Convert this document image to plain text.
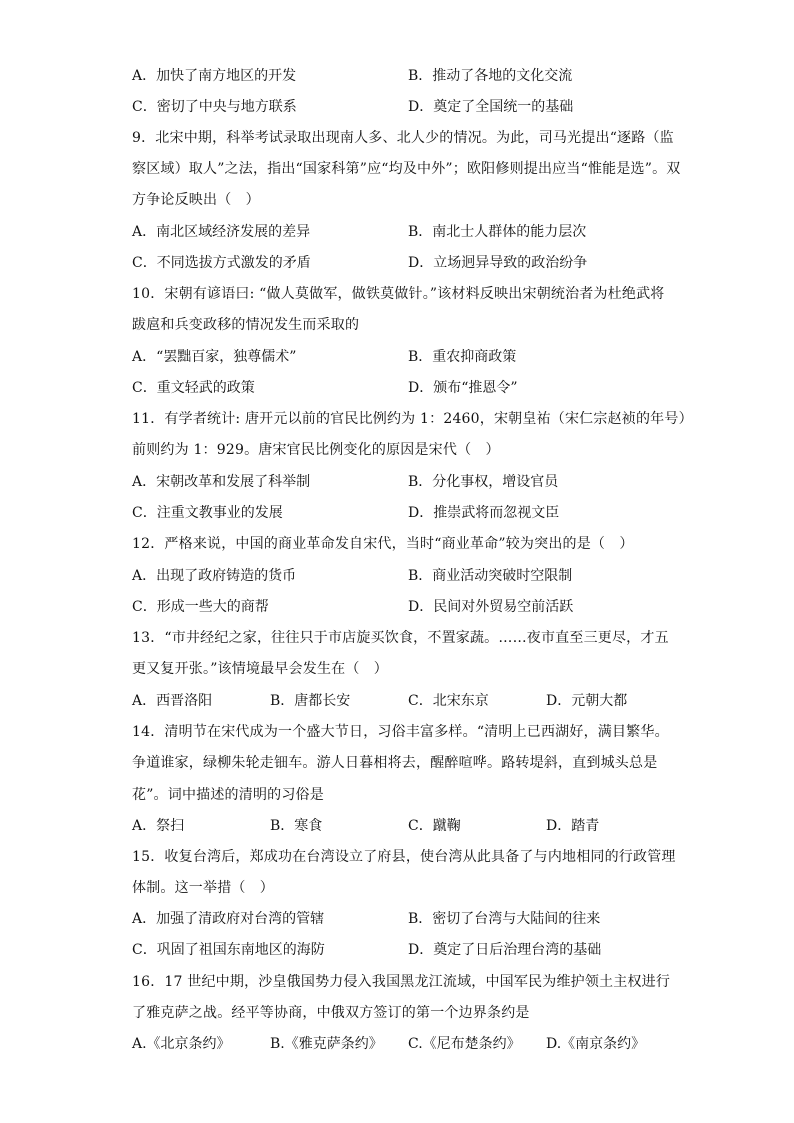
A．加快了南方地区的开发	B．推动了各地的文化交流
C．密切了中央与地方联系	D．奠定了全国统一的基础
9．北宋中期，科举考试录取出现南人多、北人少的情况。为此，司马光提出“逐路（监
察区域）取人”之法，指出“国家科第”应“均及中外”；欧阳修则提出应当“惟能是选”。双
方争论反映出（　）
A．南北区域经济发展的差异	B．南北士人群体的能力层次
C．不同选拔方式激发的矛盾	D．立场迥异导致的政治纷争
10．宋朝有谚语曰: “做人莫做军，做铁莫做针。”该材料反映出宋朝统治者为杜绝武将
跋扈和兵变政移的情况发生而采取的
A．“罢黜百家，独尊儒术”	B．重农抑商政策
C．重文轻武的政策	D．颁布“推恩令”
11．有学者统计: 唐开元以前的官民比例约为 1：2460，宋朝皇祐（宋仁宗赵祯的年号）
前则约为 1：929。唐宋官民比例变化的原因是宋代（　）
A．宋朝改革和发展了科举制	B．分化事权，增设官员
C．注重文教事业的发展	D．推崇武将而忽视文臣
12．严格来说，中国的商业革命发自宋代，当时“商业革命”较为突出的是（　）
A．出现了政府铸造的货币	B．商业活动突破时空限制
C．形成一些大的商帮	D．民间对外贸易空前活跃
13．“市井经纪之家，往往只于市店旋买饮食，不置家蔬。……夜市直至三更尽，才五
更又复开张。”该情境最早会发生在（　）
A．西晋洛阳	B．唐都长安	C．北宋东京	D．元朝大都
14．清明节在宋代成为一个盛大节日，习俗丰富多样。“清明上已西湖好，满目繁华。
争道谁家，绿柳朱轮走钿车。游人日暮相将去，醒醉喧哗。路转堤斜，直到城头总是
花”。词中描述的清明的习俗是
A．祭扫	B．寒食	C．蹴鞠	D．踏青
15．收复台湾后，郑成功在台湾设立了府县，使台湾从此具备了与内地相同的行政管理
体制。这一举措（　）
A．加强了清政府对台湾的管辖	B．密切了台湾与大陆间的往来
C．巩固了祖国东南地区的海防	D．奠定了日后治理台湾的基础
16．17 世纪中期，沙皇俄国势力侵入我国黑龙江流域，中国军民为维护领土主权进行
了雅克萨之战。经平等协商，中俄双方签订的第一个边界条约是
A.《北京条约》	B.《雅克萨条约》 C.《尼布楚条约》 D.《南京条约》
